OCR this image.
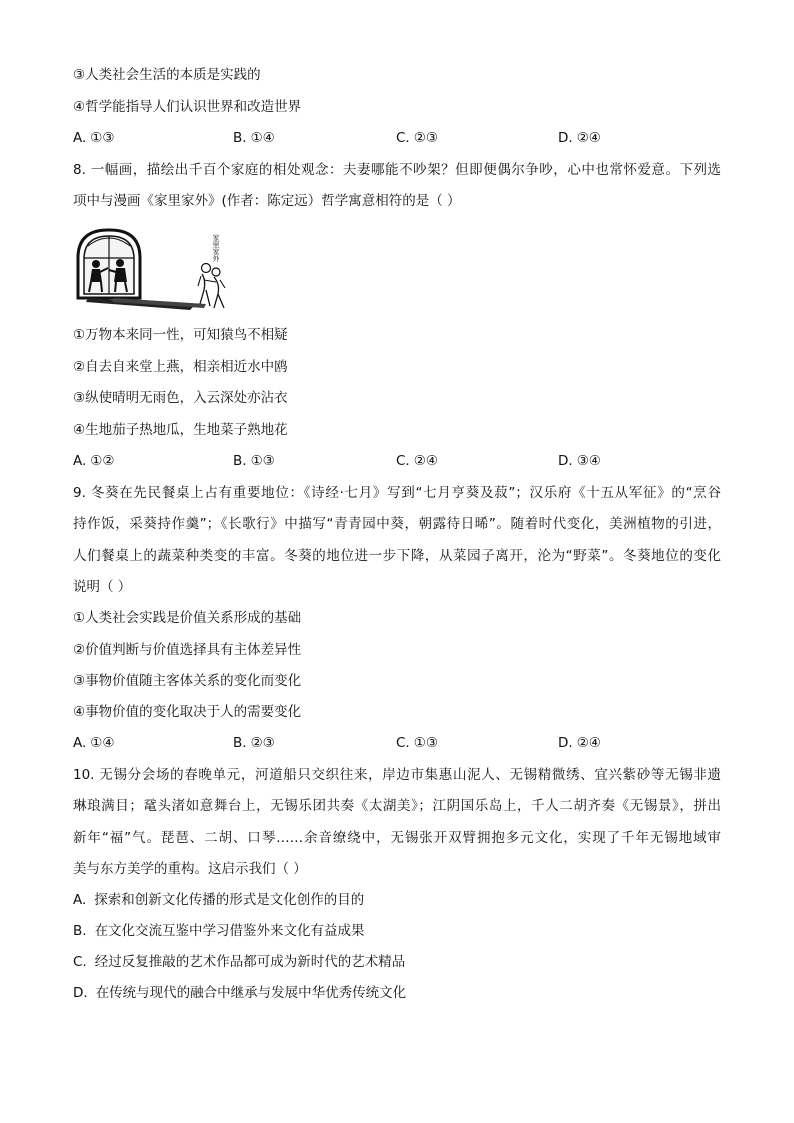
③人类社会生活的本质是实践的
④哲学能指导人们认识世界和改造世界
A. ①③	B. ①④	C. ②③	D. ②④
8. 一幅画，描绘出千百个家庭的相处观念：夫妻哪能不吵架？但即便偶尔争吵，心中也常怀爱意。下列选
项中与漫画《家里家外》(作者：陈定远）哲学寓意相符的是（ ）
家里家外
①万物本来同一性，可知猿鸟不相疑
②自去自来堂上燕，相亲相近水中鸥
③纵使晴明无雨色，入云深处亦沾衣
④生地茄子热地瓜，生地菜子熟地花
A. ①②	B. ①③	C. ②④	D. ③④
9. 冬葵在先民餐桌上占有重要地位：《诗经·七月》写到“七月亨葵及菽”；汉乐府《十五从军征》的“烹谷
持作饭，采葵持作羹”；《长歌行》中描写“青青园中葵，朝露待日晞”。随着时代变化，美洲植物的引进，
人们餐桌上的蔬菜种类变的丰富。冬葵的地位进一步下降，从菜园子离开，沦为“野菜”。冬葵地位的变化
说明（ ）
①人类社会实践是价值关系形成的基础
②价值判断与价值选择具有主体差异性
③事物价值随主客体关系的变化而变化
④事物价值的变化取决于人的需要变化
A. ①④	B. ②③	C. ①③	D. ②④
10. 无锡分会场的春晚单元，河道船只交织往来，岸边市集惠山泥人、无锡精微绣、宜兴紫砂等无锡非遗
琳琅满目；鼋头渚如意舞台上，无锡乐团共奏《太湖美》；江阴国乐岛上，千人二胡齐奏《无锡景》，拼出
新年“福”气。琵琶、二胡、口琴……余音缭绕中，无锡张开双臂拥抱多元文化，实现了千年无锡地域审
美与东方美学的重构。这启示我们（ ）
A. 探索和创新文化传播的形式是文化创作的目的
B. 在文化交流互鉴中学习借鉴外来文化有益成果
C. 经过反复推敲的艺术作品都可成为新时代的艺术精品
D. 在传统与现代的融合中继承与发展中华优秀传统文化
